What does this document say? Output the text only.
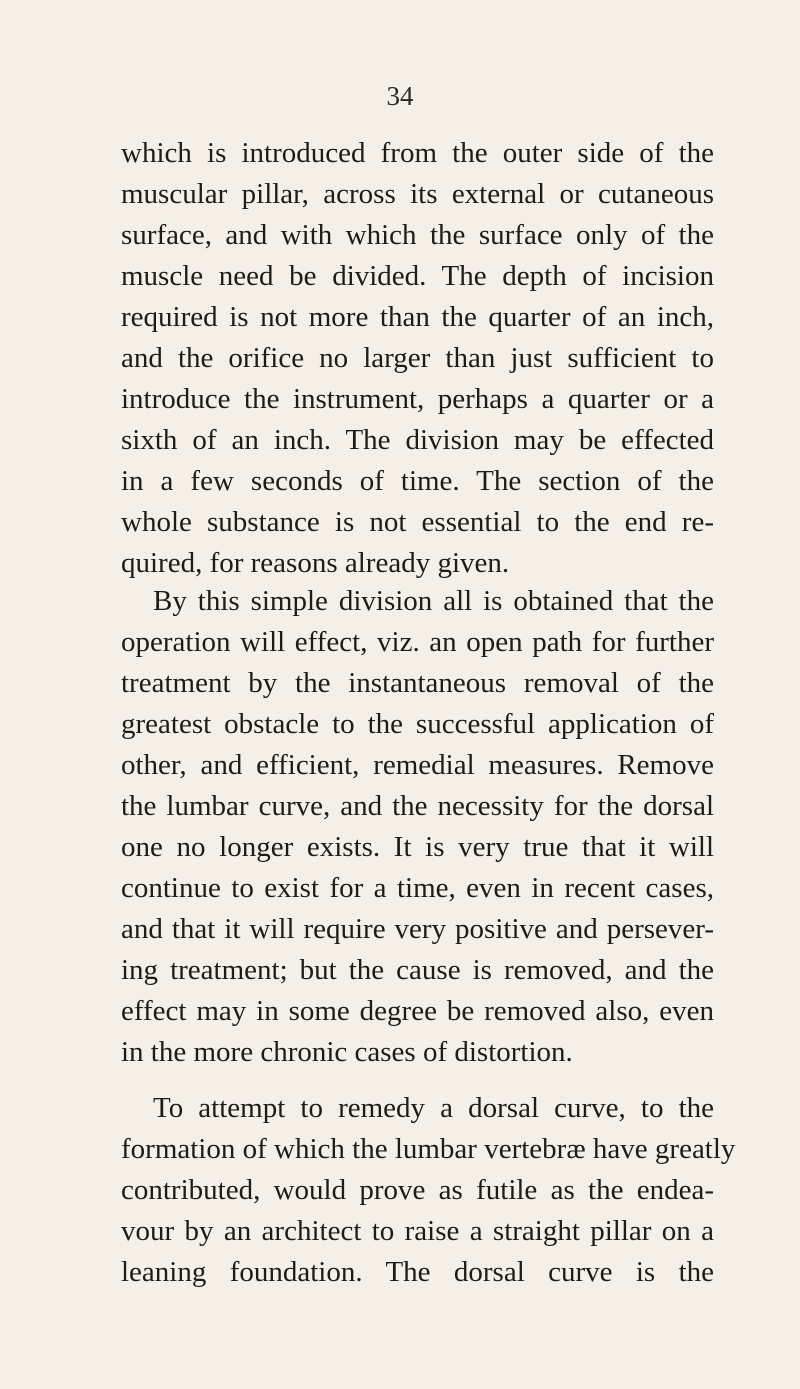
34
which is introduced from the outer side of the
muscular pillar, across its external or cutaneous
surface, and with which the surface only of the
muscle need be divided. The depth of incision
required is not more than the quarter of an inch,
and the orifice no larger than just sufficient to
introduce the instrument, perhaps a quarter or a
sixth of an inch. The division may be effected
in a few seconds of time. The section of the
whole substance is not essential to the end re-
quired, for reasons already given.
By this simple division all is obtained that the
operation will effect, viz. an open path for further
treatment by the instantaneous removal of the
greatest obstacle to the successful application of
other, and efficient, remedial measures. Remove
the lumbar curve, and the necessity for the dorsal
one no longer exists. It is very true that it will
continue to exist for a time, even in recent cases,
and that it will require very positive and persever-
ing treatment; but the cause is removed, and the
effect may in some degree be removed also, even
in the more chronic cases of distortion.
To attempt to remedy a dorsal curve, to the
formation of which the lumbar vertebræ have greatly
contributed, would prove as futile as the endea-
vour by an architect to raise a straight pillar on a
leaning foundation. The dorsal curve is the
